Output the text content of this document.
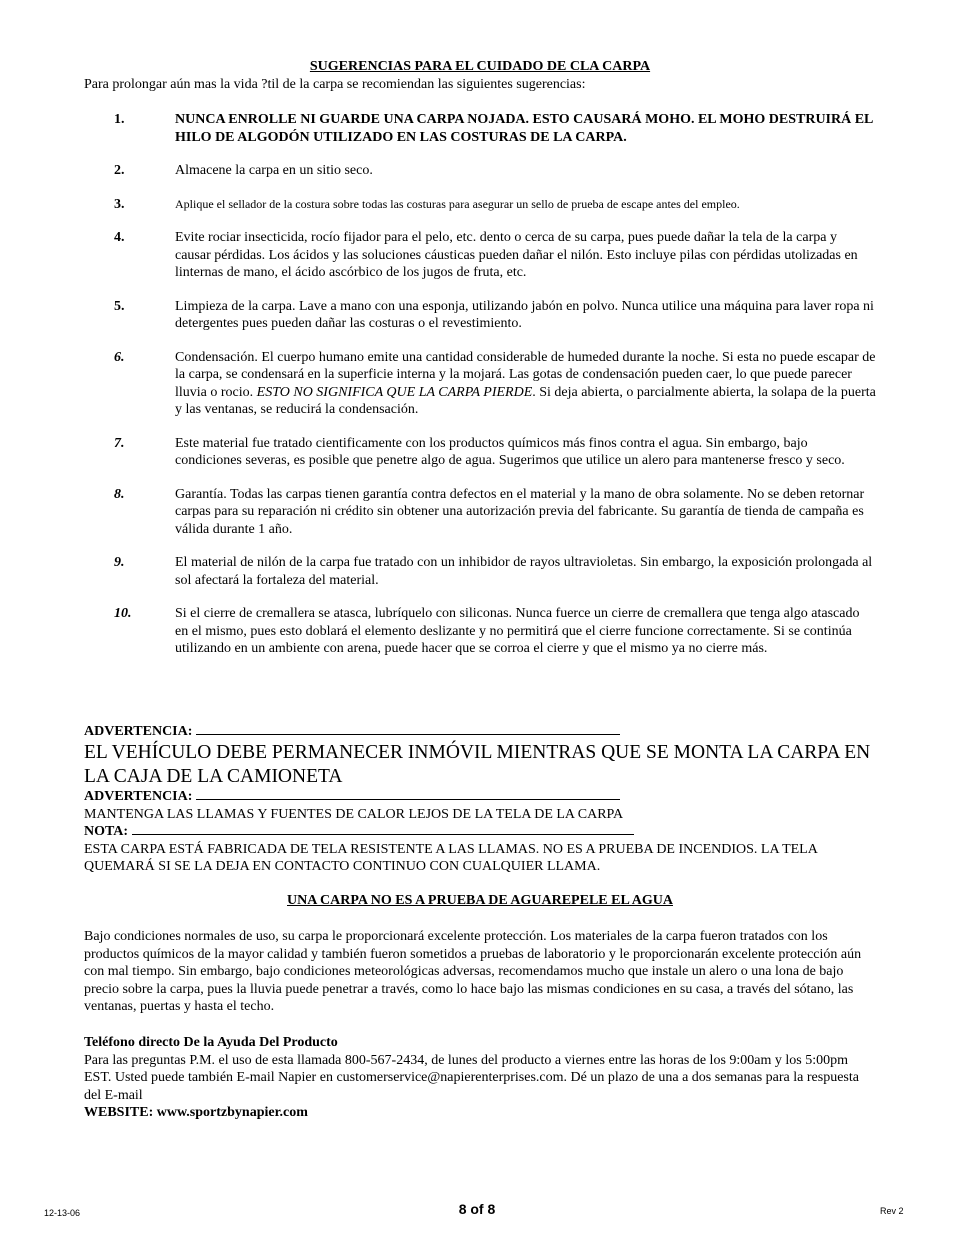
SUGERENCIAS PARA EL CUIDADO DE CLA CARPA
Para prolongar aún mas la vida ?til de la carpa se recomiendan las siguientes sugerencias:
1.	NUNCA ENROLLE NI GUARDE UNA CARPA NOJADA. ESTO CAUSARÁ MOHO. EL MOHO DESTRUIRÁ EL HILO DE ALGODÓN UTILIZADO EN LAS COSTURAS DE LA CARPA.
2.	Almacene la carpa en un sitio seco.
3.	Aplique el sellador de la costura sobre todas las costuras para asegurar un sello de prueba de escape antes del empleo.
4.	Evite rociar insecticida, rocío fijador para el pelo, etc. dento o cerca de su carpa, pues puede dañar la tela de la carpa y causar pérdidas. Los ácidos y las soluciones cáusticas pueden dañar el nilón. Esto incluye pilas con pérdidas utolizadas en linternas de mano, el ácido ascórbico de los jugos de fruta, etc.
5.	Limpieza de la carpa. Lave a mano con una esponja, utilizando jabón en polvo. Nunca utilice una máquina para laver ropa ni detergentes pues pueden dañar las costuras o el revestimiento.
6.	Condensación. El cuerpo humano emite una cantidad considerable de humeded durante la noche. Si esta no puede escapar de la carpa, se condensará en la superficie interna y la mojará. Las gotas de condensación pueden caer, lo que puede parecer lluvia o rocio. ESTO NO SIGNIFICA QUE LA CARPA PIERDE. Si deja abierta, o parcialmente abierta, la solapa de la puerta y las ventanas, se reducirá la condensación.
7.	Este material fue tratado cientificamente con los productos químicos más finos contra el agua. Sin embargo, bajo condiciones severas, es posible que penetre algo de agua. Sugerimos que utilice un alero para mantenerse fresco y seco.
8.	Garantía. Todas las carpas tienen garantía contra defectos en el material y la mano de obra solamente. No se deben retornar carpas para su reparación ni crédito sin obtener una autorización previa del fabricante. Su garantía de tienda de campaña es válida durante 1 año.
9.	El material de nilón de la carpa fue tratado con un inhibidor de rayos ultravioletas. Sin embargo, la exposición prolongada al sol afectará la fortaleza del material.
10.	Si el cierre de cremallera se atasca, lubríquelo con siliconas. Nunca fuerce un cierre de cremallera que tenga algo atascado en el mismo, pues esto doblará el elemento deslizante y no permitirá que el cierre funcione correctamente. Si se continúa utilizando en un ambiente con arena, puede hacer que se corroa el cierre y que el mismo ya no cierre más.
ADVERTENCIA:
EL VEHÍCULO DEBE PERMANECER INMÓVIL MIENTRAS QUE SE MONTA LA CARPA EN LA CAJA DE LA CAMIONETA
ADVERTENCIA:
MANTENGA LAS LLAMAS Y FUENTES DE CALOR LEJOS DE LA TELA DE LA CARPA
NOTA:
ESTA CARPA ESTÁ FABRICADA DE TELA RESISTENTE A LAS LLAMAS. NO ES A PRUEBA DE INCENDIOS. LA TELA QUEMARÁ SI SE LA DEJA EN CONTACTO CONTINUO CON CUALQUIER LLAMA.
UNA CARPA NO ES A PRUEBA DE AGUAREPELE EL AGUA
Bajo condiciones normales de uso, su carpa le proporcionará excelente protección. Los materiales de la carpa fueron tratados con los productos químicos de la mayor calidad y también fueron sometidos a pruebas de laboratorio y le proporcionarán excelente protección aún con mal tiempo. Sin embargo, bajo condiciones meteorológicas adversas, recomendamos mucho que instale un alero o una lona de bajo precio sobre la carpa, pues la lluvia puede penetrar a través, como lo hace bajo las mismas condiciones en su casa, a través del sótano, las ventanas, puertas y hasta el techo.
Teléfono directo De la Ayuda Del Producto
Para las preguntas P.M. el uso de esta llamada 800-567-2434, de lunes del producto a viernes entre las horas de los 9:00am y los 5:00pm EST. Usted puede también E-mail Napier en customerservice@napierenterprises.com. Dé un plazo de una a dos semanas para la respuesta del E-mail
WEBSITE: www.sportzbynapier.com
12-13-06	8 of 8	Rev 2
